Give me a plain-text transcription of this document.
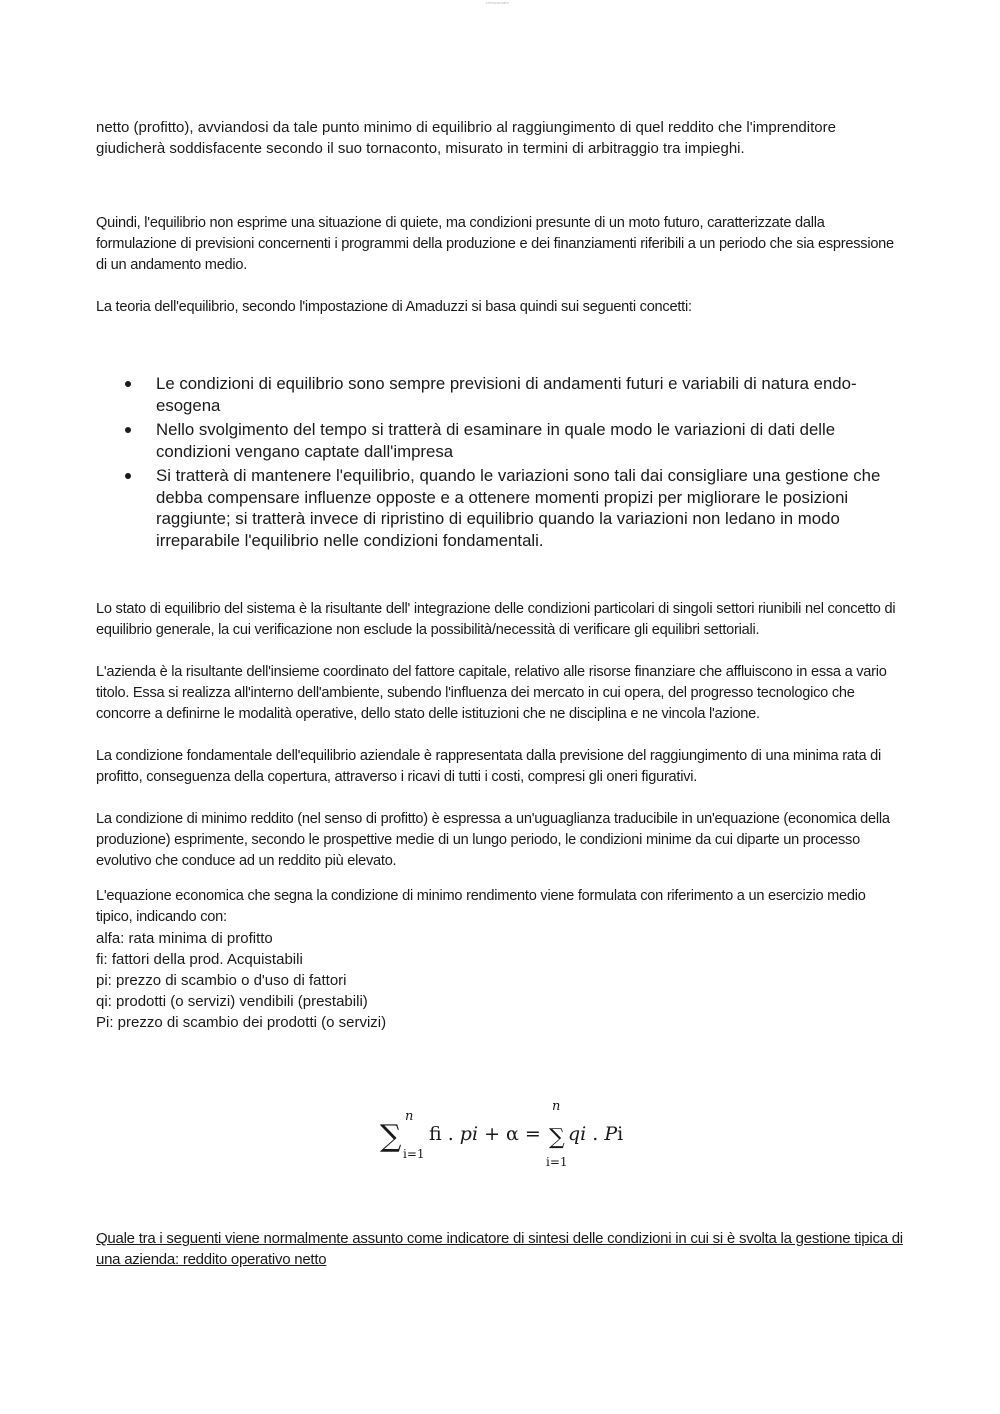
Uniscuolabi

netto (profitto), avviandosi da tale punto minimo di equilibrio al raggiungimento di quel reddito che l'imprenditore giudicherà soddisfacente secondo il suo tornaconto, misurato in termini di arbitraggio tra impieghi.

Quindi, l'equilibrio non esprime una situazione di quiete, ma condizioni presunte di un moto futuro, caratterizzate dalla formulazione di previsioni concernenti i programmi della produzione e dei finanziamenti riferibili a un periodo che sia espressione di un andamento medio.

La teoria dell'equilibrio, secondo l'impostazione di Amaduzzi si basa quindi sui seguenti concetti:

Le condizioni di equilibrio sono sempre previsioni di andamenti futuri e variabili di natura endo-esogena
Nello svolgimento del tempo si tratterà di esaminare in quale modo le variazioni di dati delle condizioni vengano captate dall'impresa
Si tratterà di mantenere l'equilibrio, quando le variazioni sono tali dai consigliare una gestione che debba compensare influenze opposte e a ottenere momenti propizi per migliorare le posizioni raggiunte; si tratterà invece di ripristino di equilibrio quando la variazioni non ledano in modo irreparabile l'equilibrio nelle condizioni fondamentali.

Lo stato di equilibrio del sistema è la risultante dell' integrazione delle condizioni particolari di singoli settori riunibili nel concetto di equilibrio generale, la cui verificazione non esclude la possibilità/necessità di verificare gli equilibri settoriali.

L'azienda è la risultante dell'insieme coordinato del fattore capitale, relativo alle risorse finanziare che affluiscono in essa a vario titolo. Essa si realizza all'interno dell'ambiente, subendo l'influenza dei mercato in cui opera, del progresso tecnologico che concorre a definirne le modalità operative, dello stato delle istituzioni che ne disciplina e ne vincola l'azione.

La condizione fondamentale dell'equilibrio aziendale è rappresentata dalla previsione del raggiungimento di una minima rata di profitto, conseguenza della copertura, attraverso i ricavi di tutti i costi, compresi gli oneri figurativi.

La condizione di minimo reddito (nel senso di profitto) è espressa a un'uguaglianza traducibile in un'equazione (economica della produzione) esprimente, secondo le prospettive medie di un lungo periodo, le condizioni minime da cui diparte un processo evolutivo che conduce ad un reddito più elevato.

L'equazione economica che segna la condizione di minimo rendimento viene formulata con riferimento a un esercizio medio tipico, indicando con:

alfa: rata minima di profitto

fi: fattori della prod. Acquistabili

pi: prezzo di scambio o d'uso di fattori

qi: prodotti (o servizi) vendibili (prestabili)

Pi: prezzo di scambio dei prodotti (o servizi)

∑
n
i=1
fi . pi + α = ∑
n
i=1
qi . Pi

Quale tra i seguenti viene normalmente assunto come indicatore di sintesi delle condizioni in cui si è svolta la gestione tipica di una azienda: reddito operativo netto
